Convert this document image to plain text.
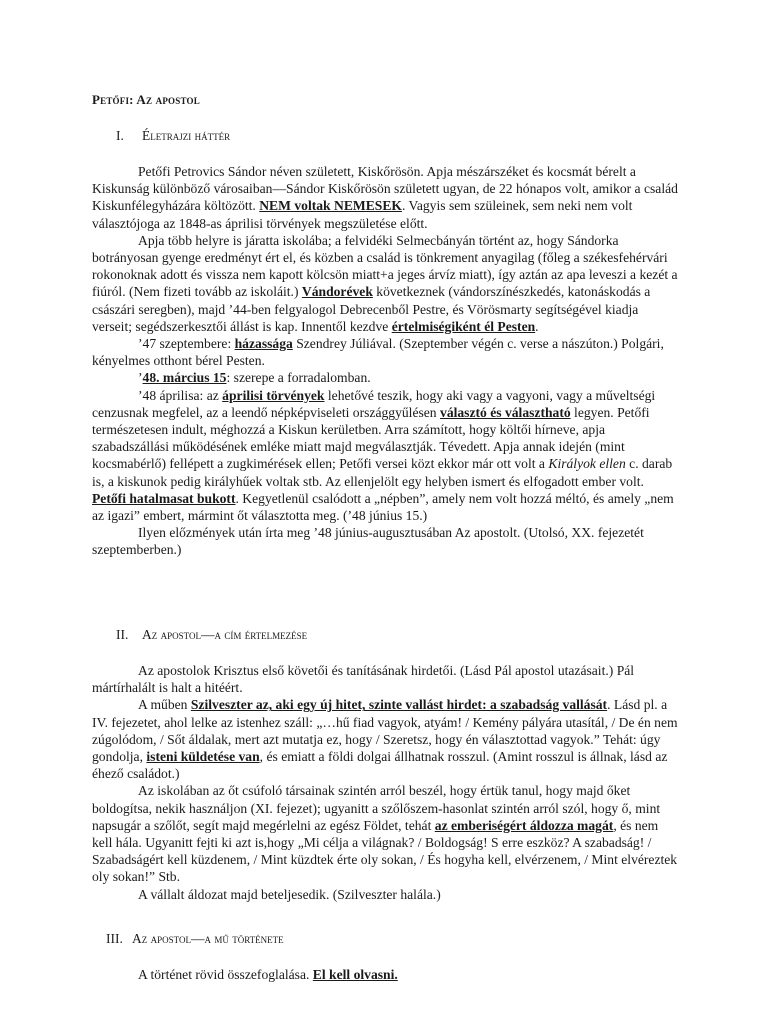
Petőfi: Az apostol
I. Életrajzi háttér

Petőfi Petrovics Sándor néven született, Kiskőrösön. Apja mészárszéket és kocsmát bérelt a Kiskunság különböző városaiban—Sándor Kiskőrösön született ugyan, de 22 hónapos volt, amikor a család Kiskunfélegyházára költözött. NEM voltak NEMESEK. Vagyis sem szüleinek, sem neki nem volt választójoga az 1848-as áprilisi törvények megszületése előtt.

Apja több helyre is járatta iskolába; a felvidéki Selmecbányán történt az, hogy Sándorka botrányosan gyenge eredményt ért el, és közben a család is tönkrement anyagilag (főleg a székesfehérvári rokonoknak adott és vissza nem kapott kölcsön miatt+a jeges árvíz miatt), így aztán az apa leveszi a kezét a fiúról. (Nem fizeti tovább az iskoláit.) Vándorévek következnek (vándorszínészkedés, katonáskodás a császári seregben), majd ’44-ben felgyalogol Debrecenből Pestre, és Vörösmarty segítségével kiadja verseit; segédszerkesztői állást is kap. Innentől kezdve értelmiségiként él Pesten.

’47 szeptembere: házassága Szendrey Júliával. (Szeptember végén c. verse a nászúton.) Polgári, kényelmes otthont bérel Pesten.

’48. március 15: szerepe a forradalomban.

’48 áprilisa: az áprilisi törvények lehetővé teszik, hogy aki vagy a vagyoni, vagy a műveltségi cenzusnak megfelel, az a leendő népképviseleti országgyűlésen választó és választható legyen. Petőfi természetesen indult, méghozzá a Kiskun kerületben. Arra számított, hogy költői hírneve, apja szabadszállási működésének emléke miatt majd megválasztják. Tévedett. Apja annak idején (mint kocsmabérlő) fellépett a zugkimérések ellen; Petőfi versei közt ekkor már ott volt a Királyok ellen c. darab is, a kiskunok pedig királyhűek voltak stb. Az ellenjelölt egy helyben ismert és elfogadott ember volt. Petőfi hatalmasat bukott. Kegyetlenül csalódott a „népben”, amely nem volt hozzá méltó, és amely „nem az igazi” embert, mármint őt választotta meg. (’48 június 15.)

Ilyen előzmények után írta meg ’48 június-augusztusában Az apostolt. (Utolsó, XX. fejezetét szeptemberben.)

II. Az apostol—a cím értelmezése

Az apostolok Krisztus első követői és tanításának hirdetői. (Lásd Pál apostol utazásait.) Pál mártírhalált is halt a hitéért.

A műben Szilveszter az, aki egy új hitet, szinte vallást hirdet: a szabadság vallását. Lásd pl. a IV. fejezetet, ahol lelke az istenhez száll: „…hű fiad vagyok, atyám! / Kemény pályára utasítál, / De én nem zúgolódom, / Sőt áldalak, mert azt mutatja ez, hogy / Szeretsz, hogy én választottad vagyok.” Tehát: úgy gondolja, isteni küldetése van, és emiatt a földi dolgai állhatnak rosszul. (Amint rosszul is állnak, lásd az éhező családot.)

Az iskolában az őt csúfoló társainak szintén arról beszél, hogy értük tanul, hogy majd őket boldogítsa, nekik használjon (XI. fejezet); ugyanitt a szőlőszem-hasonlat szintén arról szól, hogy ő, mint napsugár a szőlőt, segít majd megérlelni az egész Földet, tehát az emberiségért áldozza magát, és nem kell hála. Ugyanitt fejti ki azt is,hogy „Mi célja a világnak? / Boldogság! S erre eszköz? A szabadság! / Szabadságért kell küzdenem, / Mint küzdtek érte oly sokan, / És hogyha kell, elvérzenem, / Mint elvéreztek oly sokan!” Stb.

A vállalt áldozat majd beteljesedik. (Szilveszter halála.)

III. Az apostol—a mű története

A történet rövid összefoglalása. El kell olvasni.
